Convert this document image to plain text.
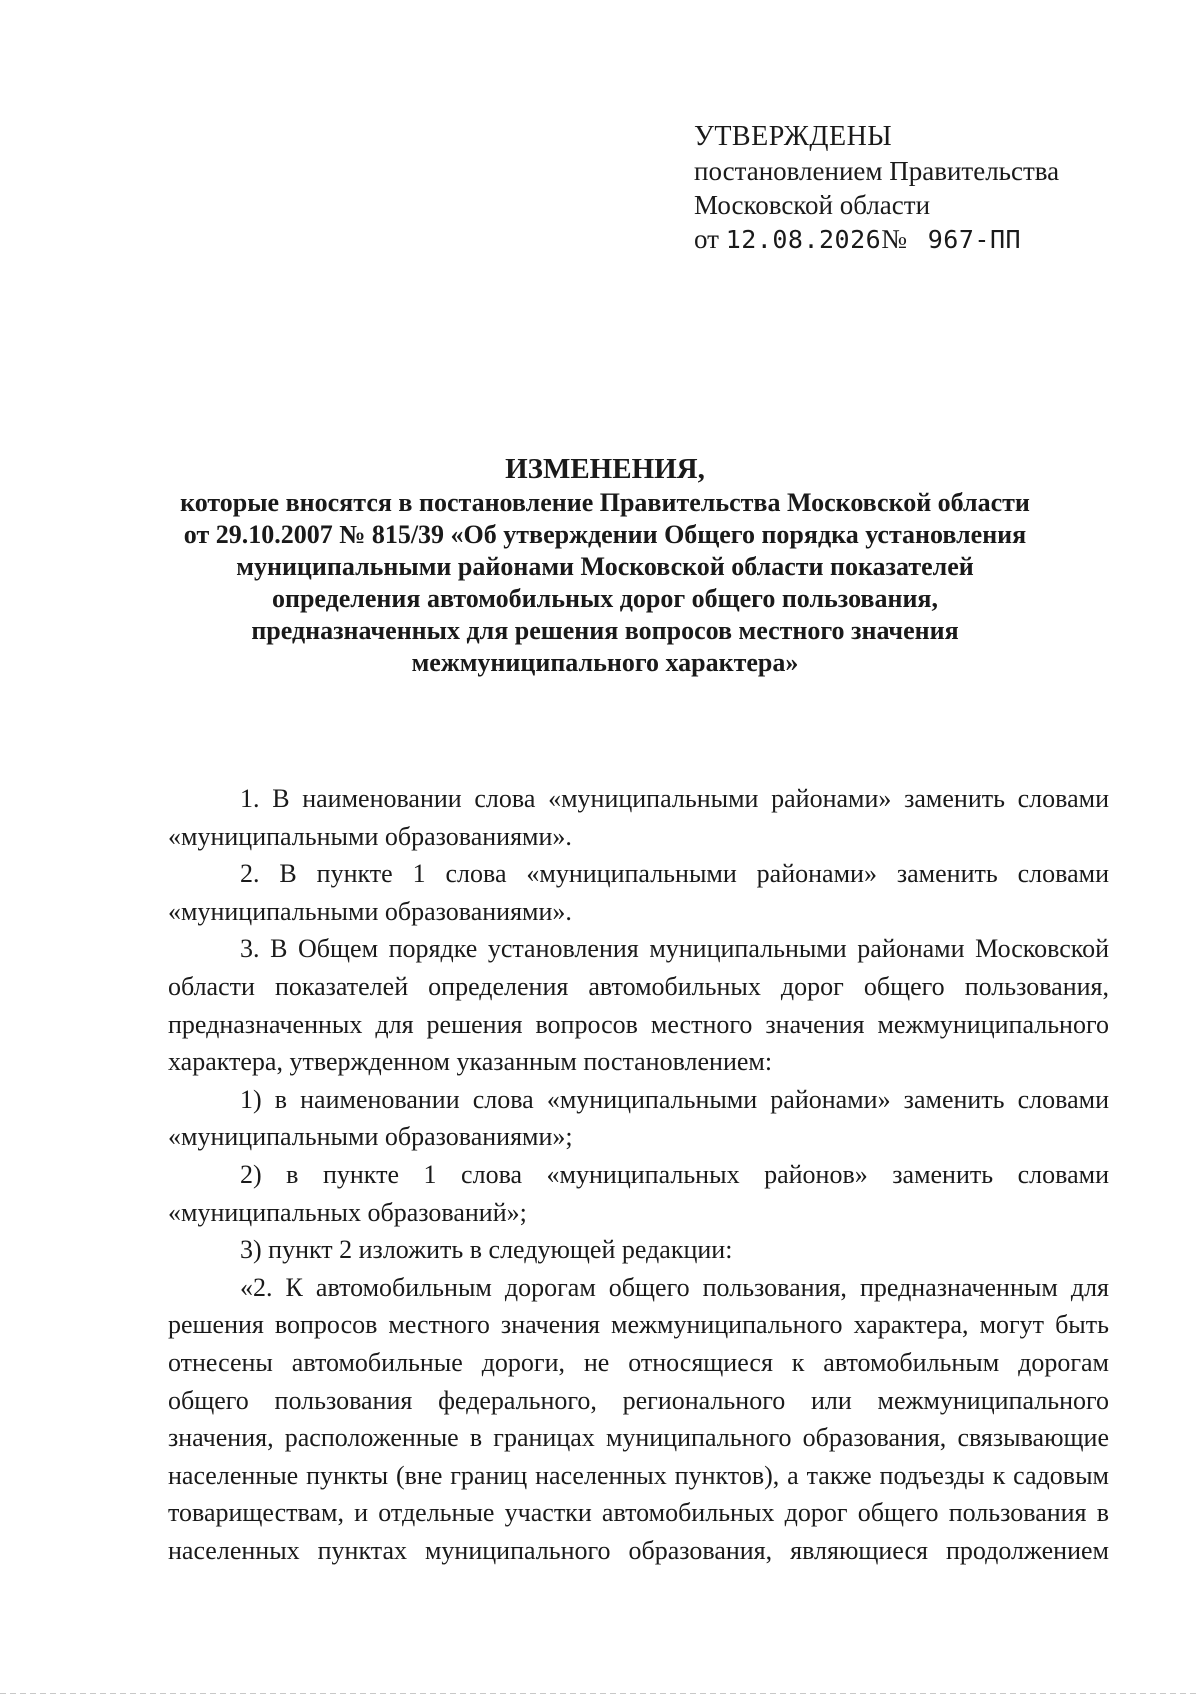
УТВЕРЖДЕНЫ
постановлением Правительства
Московской области
от 12.08.2026№ 967-ПП
ИЗМЕНЕНИЯ,
которые вносятся в постановление Правительства Московской области
от 29.10.2007 № 815/39 «Об утверждении Общего порядка установления
муниципальными районами Московской области показателей
определения автомобильных дорог общего пользования,
предназначенных для решения вопросов местного значения
межмуниципального характера»

1. В наименовании слова «муниципальными районами» заменить словами «муниципальными образованиями».

2. В пункте 1 слова «муниципальными районами» заменить словами «муниципальными образованиями».

3. В Общем порядке установления муниципальными районами Московской области показателей определения автомобильных дорог общего пользования, предназначенных для решения вопросов местного значения межмуниципального характера, утвержденном указанным постановлением:

1) в наименовании слова «муниципальными районами» заменить словами «муниципальными образованиями»;

2) в пункте 1 слова «муниципальных районов» заменить словами «муниципальных образований»;

3) пункт 2 изложить в следующей редакции:

«2. К автомобильным дорогам общего пользования, предназначенным для решения вопросов местного значения межмуниципального характера, могут быть отнесены автомобильные дороги, не относящиеся к автомобильным дорогам общего пользования федерального, регионального или межмуниципального значения, расположенные в границах муниципального образования, связывающие населенные пункты (вне границ населенных пунктов), а также подъезды к садовым товариществам, и отдельные участки автомобильных дорог общего пользования в населенных пунктах муниципального образования, являющиеся продолжением
